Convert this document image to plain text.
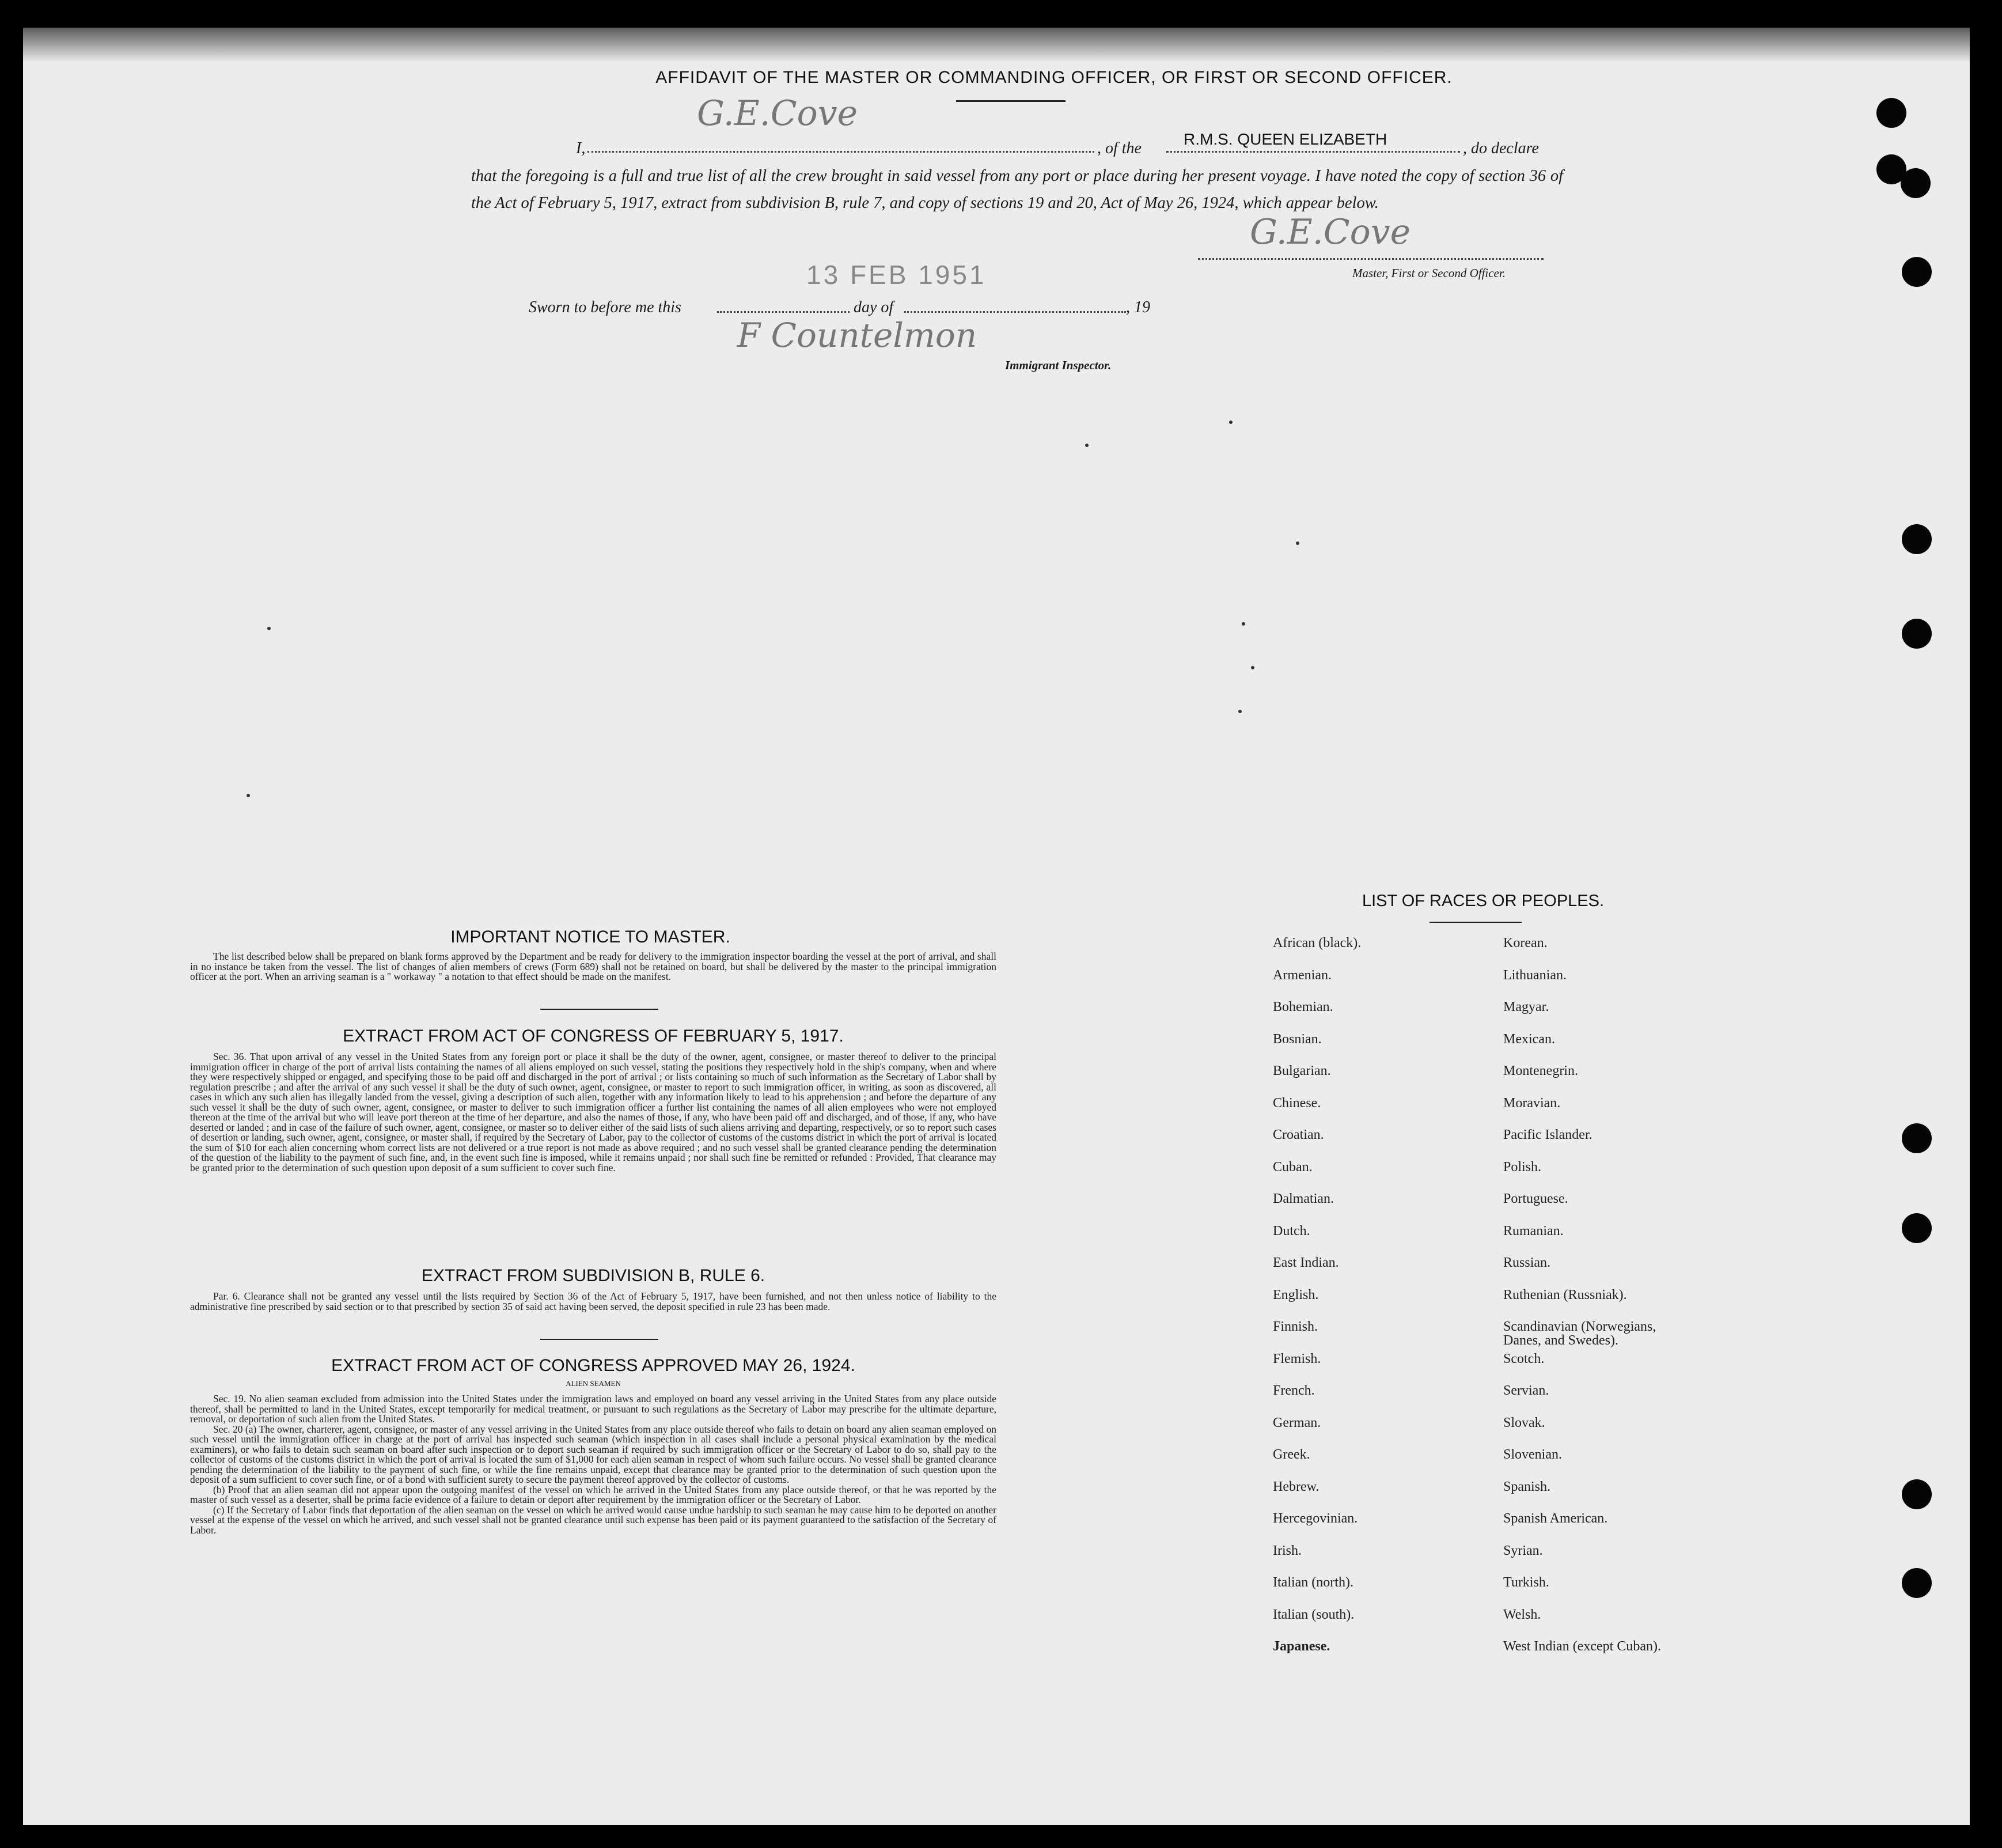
AFFIDAVIT OF THE MASTER OR COMMANDING OFFICER, OR FIRST OR SECOND OFFICER.
G.E.Cove
I,	, of the
R.M.S. QUEEN ELIZABETH
, do declare
that the foregoing is a full and true list of all the crew brought in said vessel from any port or place during her present voyage. I have noted the copy of section 36 of the Act of February 5, 1917, extract from subdivision B, rule 7, and copy of sections 19 and 20, Act of May 26, 1924, which appear below.
G.E.Cove
Master, First or Second Officer.
13 FEB 1951
Sworn to before me this	day of	, 19
F Countelmon
Immigrant Inspector.
IMPORTANT NOTICE TO MASTER.

The list described below shall be prepared on blank forms approved by the Department and be ready for delivery to the immigration inspector boarding the vessel at the port of arrival, and shall in no instance be taken from the vessel. The list of changes of alien members of crews (Form 689) shall not be retained on board, but shall be delivered by the master to the principal immigration officer at the port. When an arriving seaman is a " workaway " a notation to that effect should be made on the manifest.

EXTRACT FROM ACT OF CONGRESS OF FEBRUARY 5, 1917.

Sec. 36. That upon arrival of any vessel in the United States from any foreign port or place it shall be the duty of the owner, agent, consignee, or master thereof to deliver to the principal immigration officer in charge of the port of arrival lists containing the names of all aliens employed on such vessel, stating the positions they respectively hold in the ship's company, when and where they were respectively shipped or engaged, and specifying those to be paid off and discharged in the port of arrival ; or lists containing so much of such information as the Secretary of Labor shall by regulation prescribe ; and after the arrival of any such vessel it shall be the duty of such owner, agent, consignee, or master to report to such immigration officer, in writing, as soon as discovered, all cases in which any such alien has illegally landed from the vessel, giving a description of such alien, together with any information likely to lead to his apprehension ; and before the departure of any such vessel it shall be the duty of such owner, agent, consignee, or master to deliver to such immigration officer a further list containing the names of all alien employees who were not employed thereon at the time of the arrival but who will leave port thereon at the time of her departure, and also the names of those, if any, who have been paid off and discharged, and of those, if any, who have deserted or landed ; and in case of the failure of such owner, agent, consignee, or master so to deliver either of the said lists of such aliens arriving and departing, respectively, or so to report such cases of desertion or landing, such owner, agent, consignee, or master shall, if required by the Secretary of Labor, pay to the collector of customs of the customs district in which the port of arrival is located the sum of $10 for each alien concerning whom correct lists are not delivered or a true report is not made as above required ; and no such vessel shall be granted clearance pending the determination of the question of the liability to the payment of such fine, and, in the event such fine is imposed, while it remains unpaid ; nor shall such fine be remitted or refunded : Provided, That clearance may be granted prior to the determination of such question upon deposit of a sum sufficient to cover such fine.

EXTRACT FROM SUBDIVISION B, RULE 6.

Par. 6. Clearance shall not be granted any vessel until the lists required by Section 36 of the Act of February 5, 1917, have been furnished, and not then unless notice of liability to the administrative fine prescribed by said section or to that prescribed by section 35 of said act having been served, the deposit specified in rule 23 has been made.

EXTRACT FROM ACT OF CONGRESS APPROVED MAY 26, 1924.
ALIEN SEAMEN

Sec. 19. No alien seaman excluded from admission into the United States under the immigration laws and employed on board any vessel arriving in the United States from any place outside thereof, shall be permitted to land in the United States, except temporarily for medical treatment, or pursuant to such regulations as the Secretary of Labor may prescribe for the ultimate departure, removal, or deportation of such alien from the United States.

Sec. 20 (a) The owner, charterer, agent, consignee, or master of any vessel arriving in the United States from any place outside thereof who fails to detain on board any alien seaman employed on such vessel until the immigration officer in charge at the port of arrival has inspected such seaman (which inspection in all cases shall include a personal physical examination by the medical examiners), or who fails to detain such seaman on board after such inspection or to deport such seaman if required by such immigration officer or the Secretary of Labor to do so, shall pay to the collector of customs of the customs district in which the port of arrival is located the sum of $1,000 for each alien seaman in respect of whom such failure occurs. No vessel shall be granted clearance pending the determination of the liability to the payment of such fine, or while the fine remains unpaid, except that clearance may be granted prior to the determination of such question upon the deposit of a sum sufficient to cover such fine, or of a bond with sufficient surety to secure the payment thereof approved by the collector of customs.

(b) Proof that an alien seaman did not appear upon the outgoing manifest of the vessel on which he arrived in the United States from any place outside thereof, or that he was reported by the master of such vessel as a deserter, shall be prima facie evidence of a failure to detain or deport after requirement by the immigration officer or the Secretary of Labor.

(c) If the Secretary of Labor finds that deportation of the alien seaman on the vessel on which he arrived would cause undue hardship to such seaman he may cause him to be deported on another vessel at the expense of the vessel on which he arrived, and such vessel shall not be granted clearance until such expense has been paid or its payment guaranteed to the satisfaction of the Secretary of Labor.

LIST OF RACES OR PEOPLES.
African (black).	Korean.
Armenian.	Lithuanian.
Bohemian.	Magyar.
Bosnian.	Mexican.
Bulgarian.	Montenegrin.
Chinese.	Moravian.
Croatian.	Pacific Islander.
Cuban.	Polish.
Dalmatian.	Portuguese.
Dutch.	Rumanian.
East Indian.	Russian.
English.	Ruthenian (Russniak).
Finnish.	Scandinavian (Norwegians,
Danes, and Swedes).
Flemish.	Scotch.
French.	Servian.
German.	Slovak.
Greek.	Slovenian.
Hebrew.	Spanish.
Hercegovinian.	Spanish American.
Irish.	Syrian.
Italian (north).	Turkish.
Italian (south).	Welsh.
Japanese.	West Indian (except Cuban).
